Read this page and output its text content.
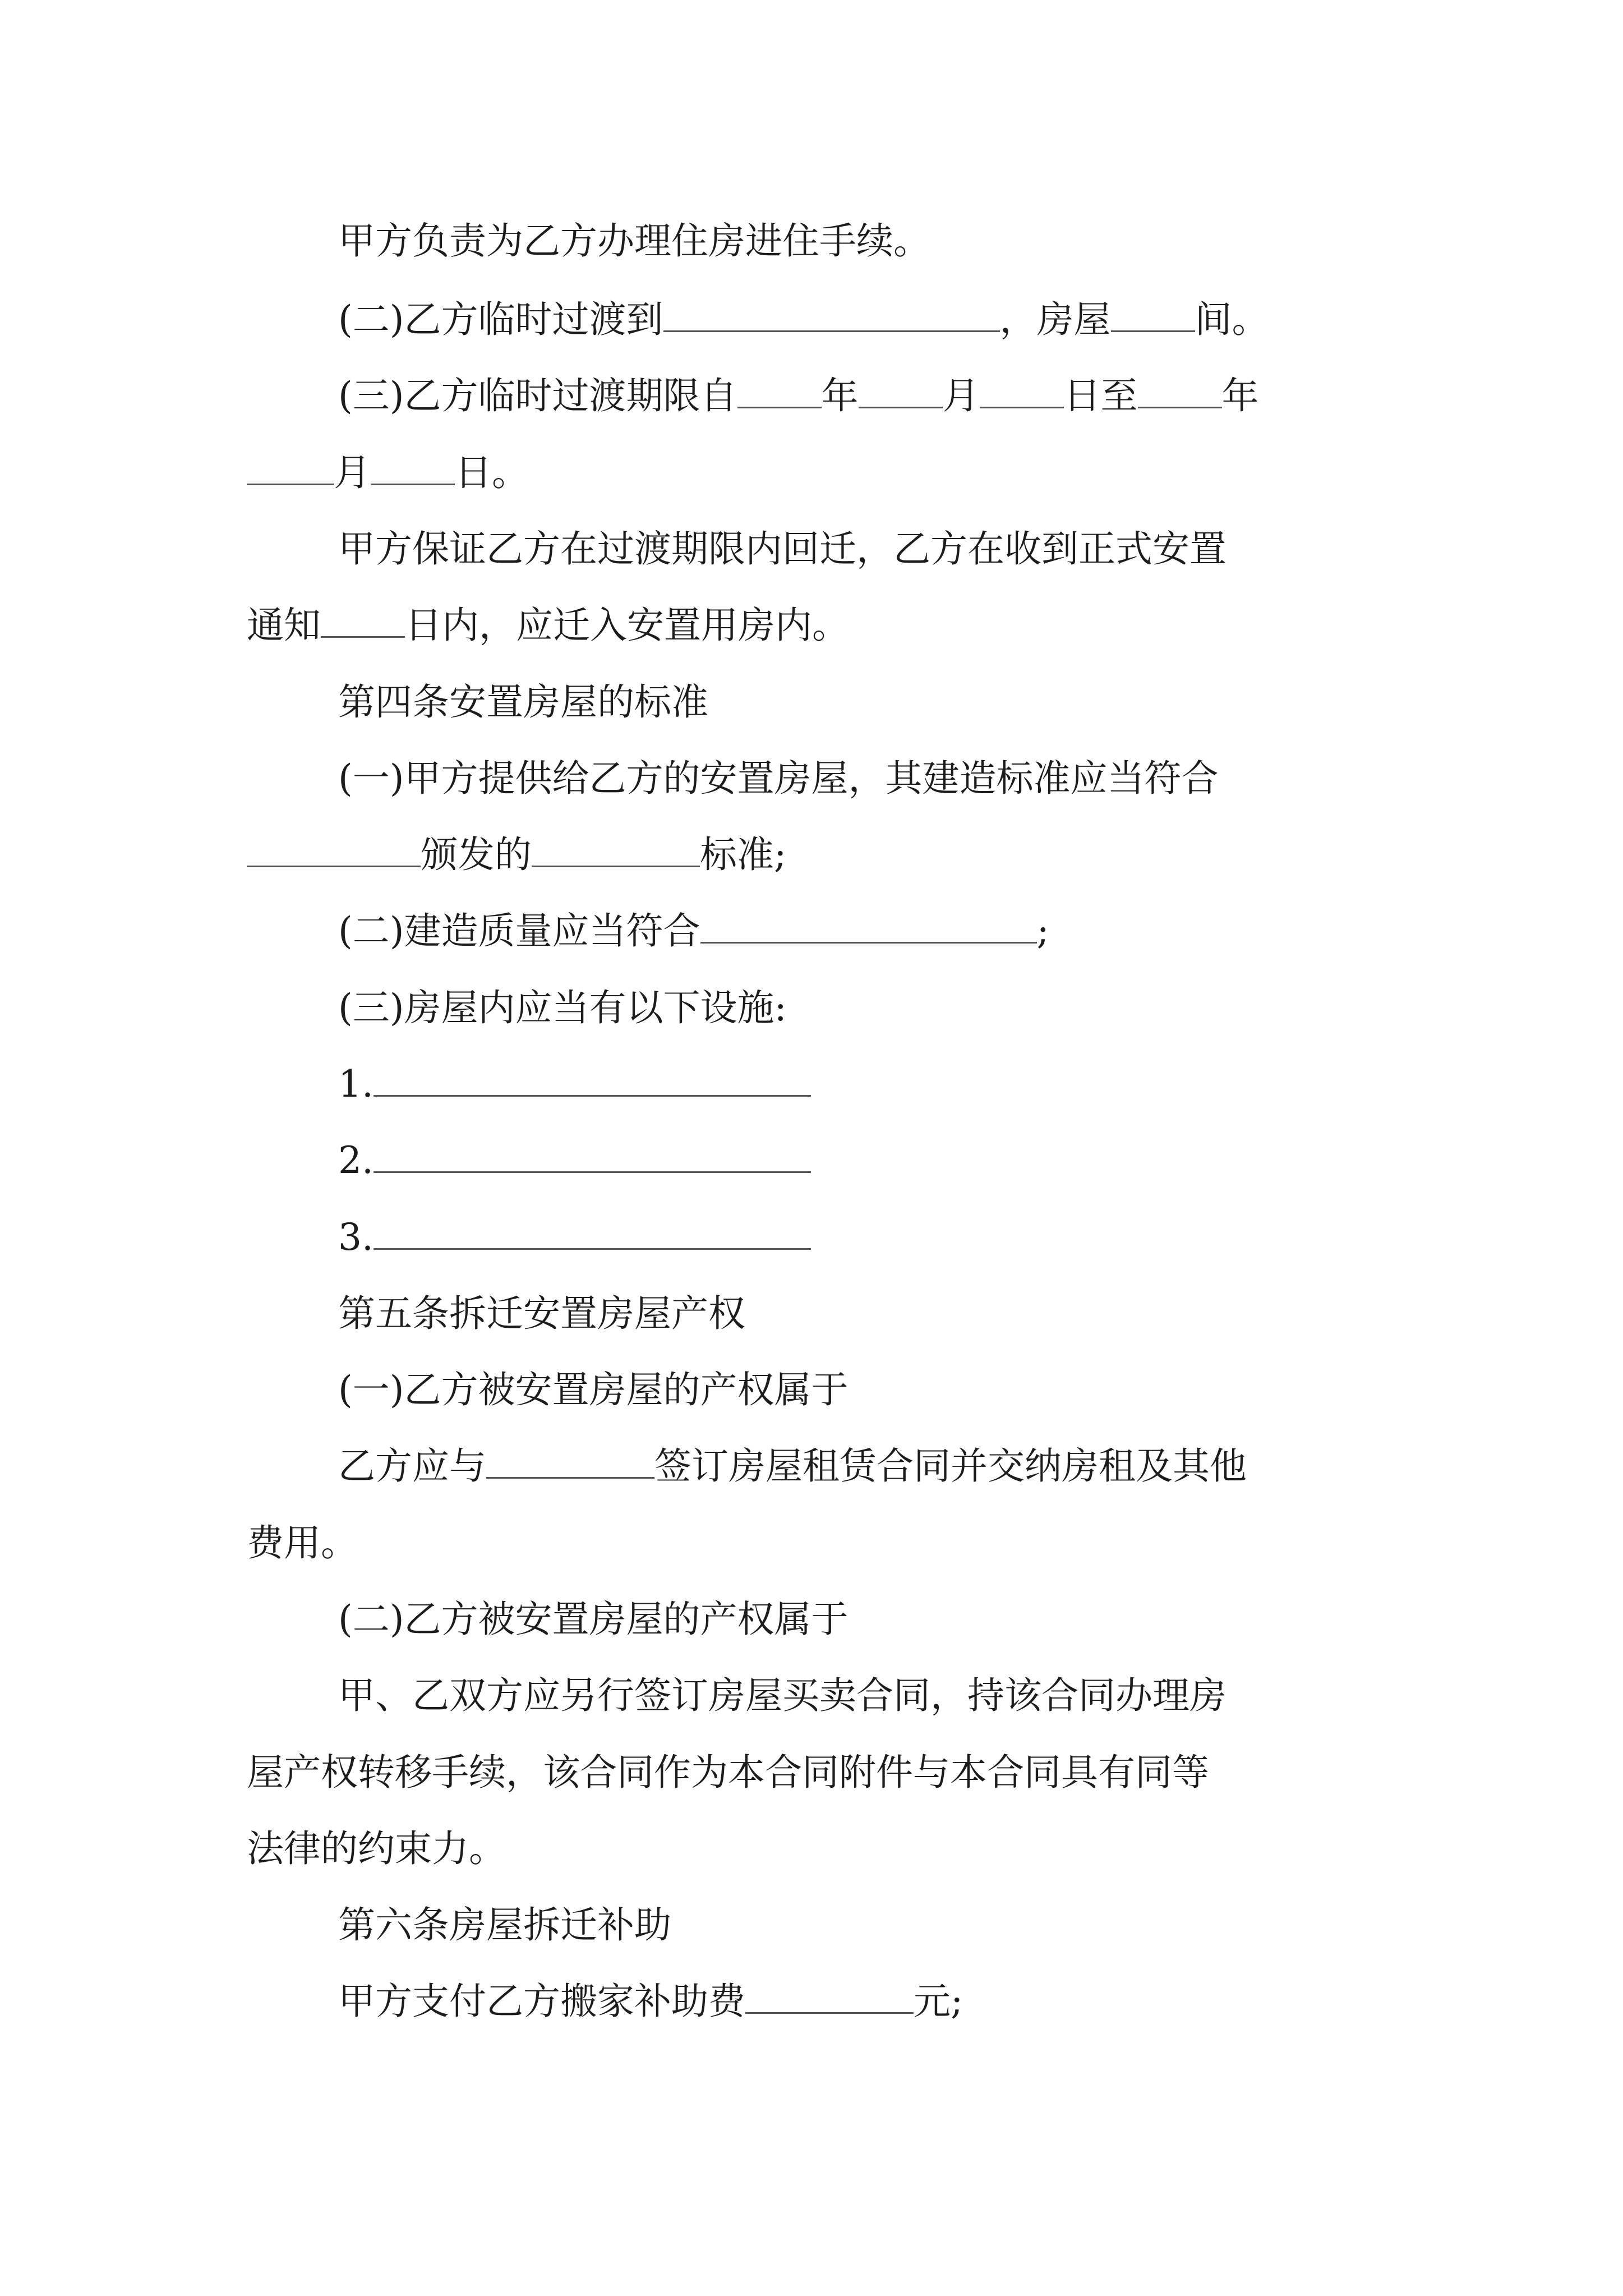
甲方负责为乙方办理住房进住手续。
(二)乙方临时过渡到	，房屋 间。
(三)乙方临时过渡期限自 年 月 日至 年
月 日。
甲方保证乙方在过渡期限内回迁，乙方在收到正式安置
通知 日内，应迁入安置用房内。
第四条安置房屋的标准
(一)甲方提供给乙方的安置房屋，其建造标准应当符合
颁发的	标准;
(二)建造质量应当符合	;
(三)房屋内应当有以下设施:
1.
2.
3.
第五条拆迁安置房屋产权
(一)乙方被安置房屋的产权属于
乙方应与	签订房屋租赁合同并交纳房租及其他
费用。
(二)乙方被安置房屋的产权属于
甲、乙双方应另行签订房屋买卖合同，持该合同办理房
屋产权转移手续，该合同作为本合同附件与本合同具有同等
法律的约束力。
第六条房屋拆迁补助
甲方支付乙方搬家补助费	元;
